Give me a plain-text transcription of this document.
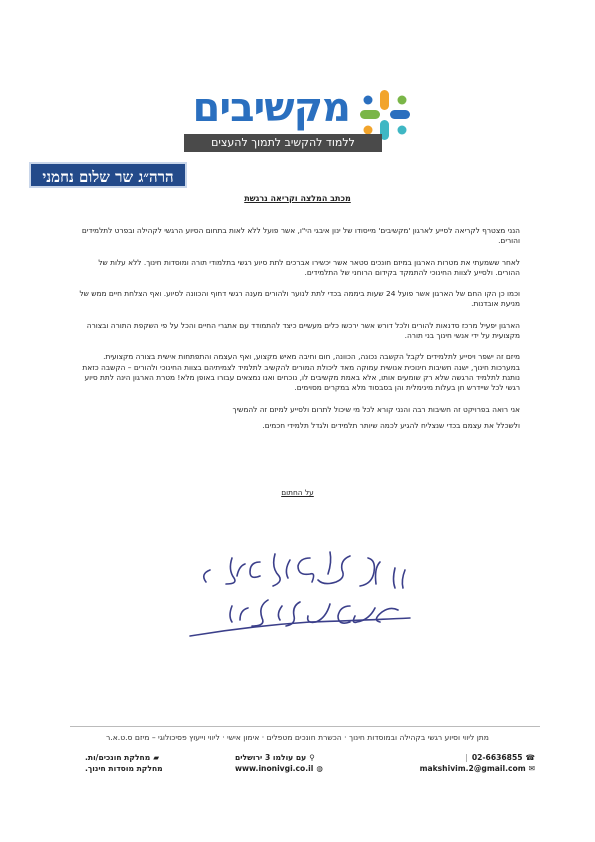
מקשיבים
ללמוד להקשיב לתמוך להעצים
הרה״ג שר שלום נחמני
מכתב המלצה וקריאה נרגשת

הנני מצטרף לקריאה לסייע לארגון 'מקשיבים' מייסודו של ינון איבגי הי"ו, אשר פועל ללא לאות בתחום הסיוע הרגשי לקהילה ובפרט לתלמידים והורים.

לאחר ששמעתי את מטרות הארגון במיזם חונכים סטאר אשר יכשירו אברכים לתת סיוע רגשי בתלמודי תורה ומוסדות חינוך. ללא עלות של ההורים. ולסייע לצוות החינוכי להתמקד בקידום הרוחני של התלמידים.

וכמו כן הקו החם של הארגון אשר פועל 24 שעות ביממה בכדי לתת לנוער ולהורים מענה רגשי דחוף והכוונה לסיוע. ואף הצלחת חיים ממש של מניעת אובדנות.

הארגון יפעיל מרכז סדנאות להורים ולכל דורש אשר ירכשו כלים מעשיים כיצד להתמודד עם אתגרי החיים והכל על פי השקפת התורה ובצורה מקצועית על ידי אנשי חינוך בני תורה.

מיזם זה ישפר ויסייע לתלמידים לקבל הקשבה נכונה, הכוונה, חום וחיבה מאיש מקצוע, ואף העצמה והתפתחות אישית בצורה מקצועית. במערכות חינוך, ישנה חשיבות חינוכית אנושית עמוקה מאד ליכולת המורים להקשיב לתלמיד לצמיתיהם בצוות החינוכי ולהורים – הקשבה כזאת נותנת לתלמיד הרגשה שלא רק שומעים אותו, אלא באמת מקשיבים לו, נוכחים ואנו נמצאים עבורו באופן מלא! מטרת הארגון הינה לתת סיוע רגשי לכל שיידרש חן בעלות מינימלית והן בסבסוד מלא במקרים מסוימים.

אני רואה בפרויקט זה חשיבות רבה והנני קורא לכל מי שיכול לתרום ולסייע למיזם זה להמשיך

ולשכלל את עצמם בכדי שנצליח להגיע לכמה שיותר תלמידים ולגדל תלמידי חכמים.

על החתום
מתן ליווי וסיוע רגשי בקהילה ובמוסדות חינוך · הכשרת חונכים מטפלים · אימון אישי · ליווי וייעוץ פסיכולוגי – מיזם ס.ט.א.ר
☎02-6636855|
✉makshivim.2@gmail.com
⚲עם עולמו 3 ירושלים
◍www.inonivgi.co.il
▰מחלקת חונכים/ות.
מחלקת מוסדות חינוך.
